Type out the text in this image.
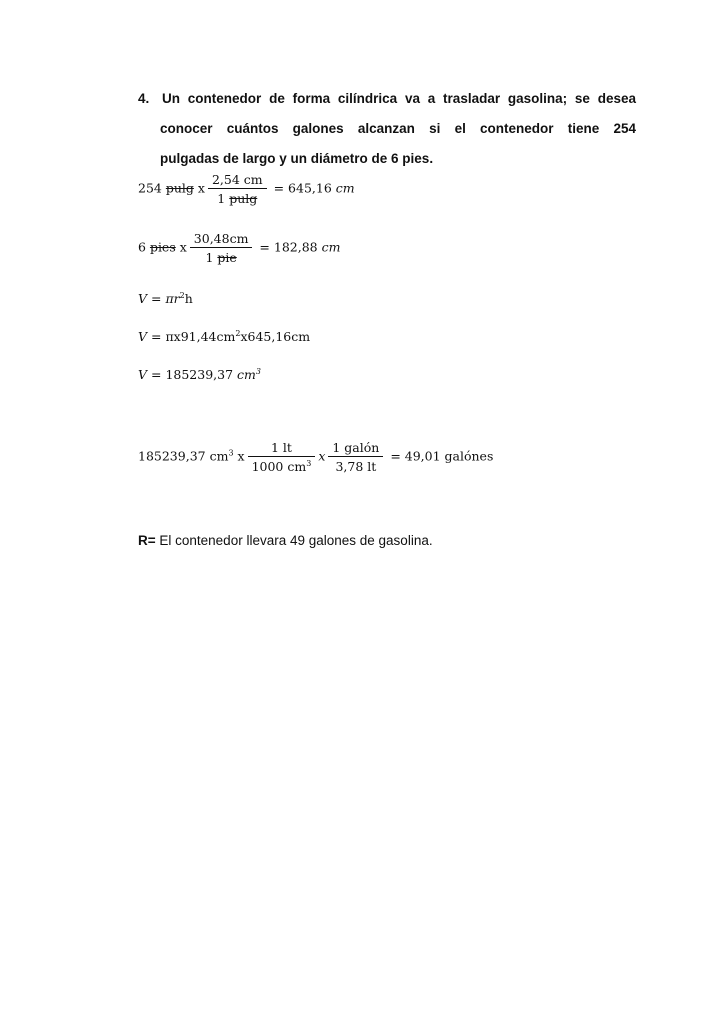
4. Un contenedor de forma cilíndrica va a trasladar gasolina; se desea
conocer cuántos galones alcanzan si el contenedor tiene 254
pulgadas de largo y un diámetro de 6 pies.
254 pulg x $\frac{2,54 cm}{1 pulg} = 645,16$ cm
6 pies x $\frac{30,48cm}{\text{1 pie}} = 182,88$ cm
$V = \pi r^2h$
$V = \pi x91,44cm^2x645,16cm$
V = 185239,37 $cm^3$
185239,37 $cm^3$ x $\frac{1 lt}{1000 cm^3}$ x $\frac{\text{1 galón}}{3,78 lt} = 49,01$ galónes
R= El contenedor llevara 49 galones de gasolina.
